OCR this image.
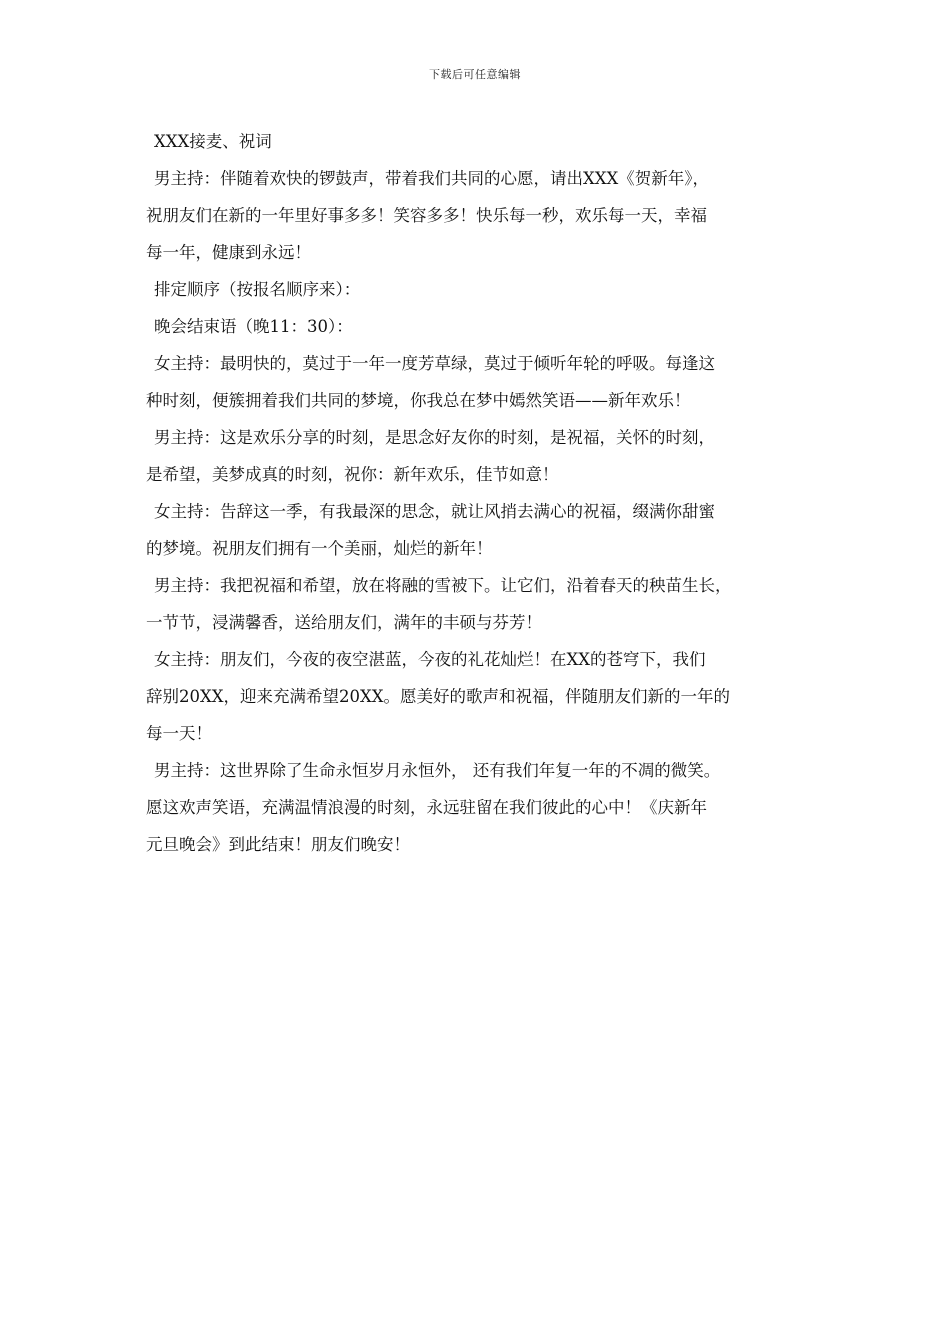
下载后可任意编辑
XXX接麦、祝词
男主持：伴随着欢快的锣鼓声，带着我们共同的心愿，请出XXX《贺新年》，
祝朋友们在新的一年里好事多多！笑容多多！快乐每一秒，欢乐每一天，幸福
每一年，健康到永远！
排定顺序（按报名顺序来）：
晚会结束语（晚11：30）：
女主持：最明快的，莫过于一年一度芳草绿，莫过于倾听年轮的呼吸。每逢这
种时刻，便簇拥着我们共同的梦境，你我总在梦中嫣然笑语——新年欢乐！
男主持：这是欢乐分享的时刻，是思念好友你的时刻，是祝福，关怀的时刻，
是希望，美梦成真的时刻，祝你：新年欢乐，佳节如意！
女主持：告辞这一季，有我最深的思念，就让风捎去满心的祝福，缀满你甜蜜
的梦境。祝朋友们拥有一个美丽，灿烂的新年！
男主持：我把祝福和希望，放在将融的雪被下。让它们，沿着春天的秧苗生长，
一节节，浸满馨香，送给朋友们，满年的丰硕与芬芳！
女主持：朋友们，今夜的夜空湛蓝，今夜的礼花灿烂！在XX的苍穹下，我们
辞别20XX，迎来充满希望20XX。愿美好的歌声和祝福，伴随朋友们新的一年的
每一天！
男主持：这世界除了生命永恒岁月永恒外， 还有我们年复一年的不凋的微笑。
愿这欢声笑语，充满温情浪漫的时刻，永远驻留在我们彼此的心中！《庆新年
元旦晚会》到此结束！朋友们晚安！
